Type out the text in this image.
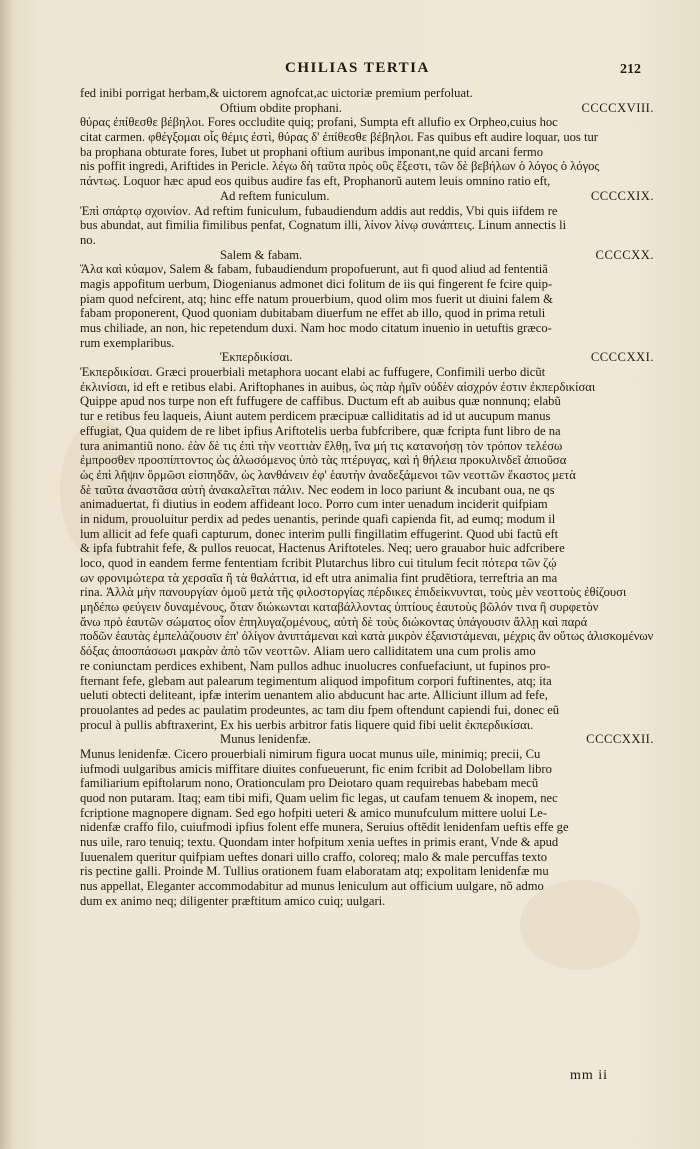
CHILIAS TERTIA	212
fed inibi porrigat herbam,& uictorem agnofcat,ac uictoriæ premium perfoluat.
Oftium obdite prophani.	CCCCXVIII.
θύρας ἐπίθεσθε βέβηλοι. Fores occludite quiq; profani, Sumpta eft allufio ex Orpheo,cuius hoc
citat carmen. φθέγξομαι οἷς θέμις ἐστὶ, θύρας δ' ἐπίθεσθε βέβηλοι. Fas quibus eft audire loquar, uos tur
ba prophana obturate fores, Iubet ut prophani oftium auribus imponant,ne quid arcani fermo
nis poffit ingredi, Ariftides in Pericle. λέγω δὴ ταῦτα πρὸς οὓς ἔξεστι, τῶν δὲ βεβήλων ὁ λόγος ὁ λόγος
πάντως. Loquor hæc apud eos quibus audire fas eft, Prophanorũ autem leuis omnino ratio eft,
Ad reftem funiculum.	CCCCXIX.
Ἐπὶ σπάρτῳ σχοινίον. Ad reftim funiculum, fubaudiendum addis aut reddis, Vbi quis iifdem re
bus abundat, aut fimilia fimilibus penfat, Cognatum illi, λίνον λίνῳ συνάπτεις. Linum annectis li
no.
Salem & fabam.	CCCCXX.
Ἅλα καὶ κύαμον, Salem & fabam, fubaudiendum propofuerunt, aut fi quod aliud ad fententiã
magis appofitum uerbum, Diogenianus admonet dici folitum de iis qui fingerent fe fcire quip-
piam quod nefcirent, atq; hinc effe natum prouerbium, quod olim mos fuerit ut diuini falem &
fabam proponerent, Quod quoniam dubitabam diuerfum ne effet ab illo, quod in prima retuli
mus chiliade, an non, hic repetendum duxi. Nam hoc modo citatum inuenio in uetuftis græco-
rum exemplaribus.
Ἐκπερδικίσαι.	CCCCXXI.
Ἐκπερδικίσαι. Græci prouerbiali metaphora uocant elabi ac fuffugere, Confimili uerbo dicũt
ἐκλινίσαι, id eft e retibus elabi. Ariftophanes in auibus, ὡς πὰρ ἡμῖν οὐδὲν αἰσχρόν ἐστιν ἐκπερδικίσαι
Quippe apud nos turpe non eft fuffugere de caffibus. Ductum eft ab auibus quæ nonnunq; elabũ
tur e retibus feu laqueis, Aiunt autem perdicem præcipuæ calliditatis ad id ut aucupum manus
effugiat, Qua quidem de re libet ipfius Ariftotelis uerba fubfcribere, quæ fcripta funt libro de na
tura animantiũ nono. ἐὰν δὲ τις ἐπὶ τὴν νεοττιὰν ἔλθῃ, ἵνα μή τις κατανοήσῃ τὸν τρόπον τελέσω
ἐμπροσθεν προσπίπτοντος ὡς ἁλωσόμενος ὑπὸ τὰς πτέρυγας, καὶ ἡ θήλεια προκυλινδεῖ ἀπιοῦσα
ὡς ἐπὶ λῆψιν ὅρμῶσι εἰσπηδᾶν, ὡς λανθάνειν ἐφ' ἑαυτὴν ἀναδεξάμενοι τῶν νεοττῶν ἕκαστος μετὰ
δὲ ταῦτα ἀναστᾶσα αὐτὴ ἀνακαλεῖται πάλιν. Nec eodem in loco pariunt & incubant oua, ne qs
animaduertat, fi diutius in eodem affideant loco. Porro cum inter uenadum inciderit quifpiam
in nidum, prouoluitur perdix ad pedes uenantis, perinde quafi capienda fit, ad eumq; modum il
lum allicit ad fefe quafi capturum, donec interim pulli fingillatim effugerint. Quod ubi factũ eft
& ipfa fubtrahit fefe, & pullos reuocat, Hactenus Ariftoteles. Neq; uero grauabor huic adfcribere
loco, quod in eandem ferme fententiam fcribit Plutarchus libro cui titulum fecit πότερα τῶν ζῴ
ων φρονιμώτερα τὰ χερσαῖα ἢ τὰ θαλάττια, id eft utra animalia fint prudẽtiora, terreftria an ma
rina. Ἀλλὰ μὴν πανουργίαν ὁμοῦ μετὰ τῆς φιλοστοργίας πέρδικες ἐπιδείκνυνται, τοὺς μὲν νεοττοὺς ἐθίζουσι
μηδέπω φεύγειν δυναμένους, ὅταν διώκωνται καταβάλλοντας ὑπτίους ἑαυτοὺς βῶλόν τινα ἢ συρφετὸν
ἄνω πρὸ ἑαυτῶν σώματος οἷον ἐπηλυγαζομένους, αὐτὴ δὲ τοὺς διώκοντας ὑπάγουσιν ἄλλῃ καὶ παρά
ποδῶν ἑαυτὰς ἐμπελάζουσιν ἐπ' ὀλίγον ἀνιπτάμεναι καὶ κατὰ μικρὸν ἐξανιστάμεναι, μέχρις ἂν οὕτως ἁλισκομένων
δόξας ἀποσπάσωσι μακρὰν ἀπὸ τῶν νεοττῶν. Aliam uero calliditatem una cum prolis amo
re coniunctam perdices exhibent, Nam pullos adhuc inuolucres confuefaciunt, ut fupinos pro-
fternant fefe, glebam aut palearum tegimentum aliquod impofitum corpori fuftinentes, atq; ita
ueluti obtecti deliteant, ipfæ interim uenantem alio abducunt hac arte. Alliciunt illum ad fefe,
prouolantes ad pedes ac paulatim prodeuntes, ac tam diu fpem oftendunt capiendi fui, donec eũ
procul à pullis abftraxerint, Ex his uerbis arbitror fatis liquere quid fibi uelit ἐκπερδικίσαι.
Munus lenidenfæ.	CCCCXXII.
Munus lenidenfæ. Cicero prouerbiali nimirum figura uocat munus uile, minimiq; precii, Cu
iufmodi uulgaribus amicis miffitare diuites confueuerunt, fic enim fcribit ad Dolobellam libro
familiarium epiftolarum nono, Orationculam pro Deiotaro quam requirebas habebam mecũ
quod non putaram. Itaq; eam tibi mifi, Quam uelim fic legas, ut caufam tenuem & inopem, nec
fcriptione magnopere dignam. Sed ego hofpiti ueteri & amico munufculum mittere uolui Le-
nidenfæ craffo filo, cuiufmodi ipfius folent effe munera, Seruius oftẽdit lenidenfam ueftis effe ge
nus uile, raro tenuiq; textu. Quondam inter hofpitum xenia ueftes in primis erant, Vnde & apud
Iuuenalem queritur quifpiam ueftes donari uillo craffo, coloreq; malo & male percuffas texto
ris pectine galli. Proinde M. Tullius orationem fuam elaboratam atq; expolitam lenidenfæ mu
nus appellat, Eleganter accommodabitur ad munus leniculum aut officium uulgare, nõ admo
dum ex animo neq; diligenter præftitum amico cuiq; uulgari.
mm ii
